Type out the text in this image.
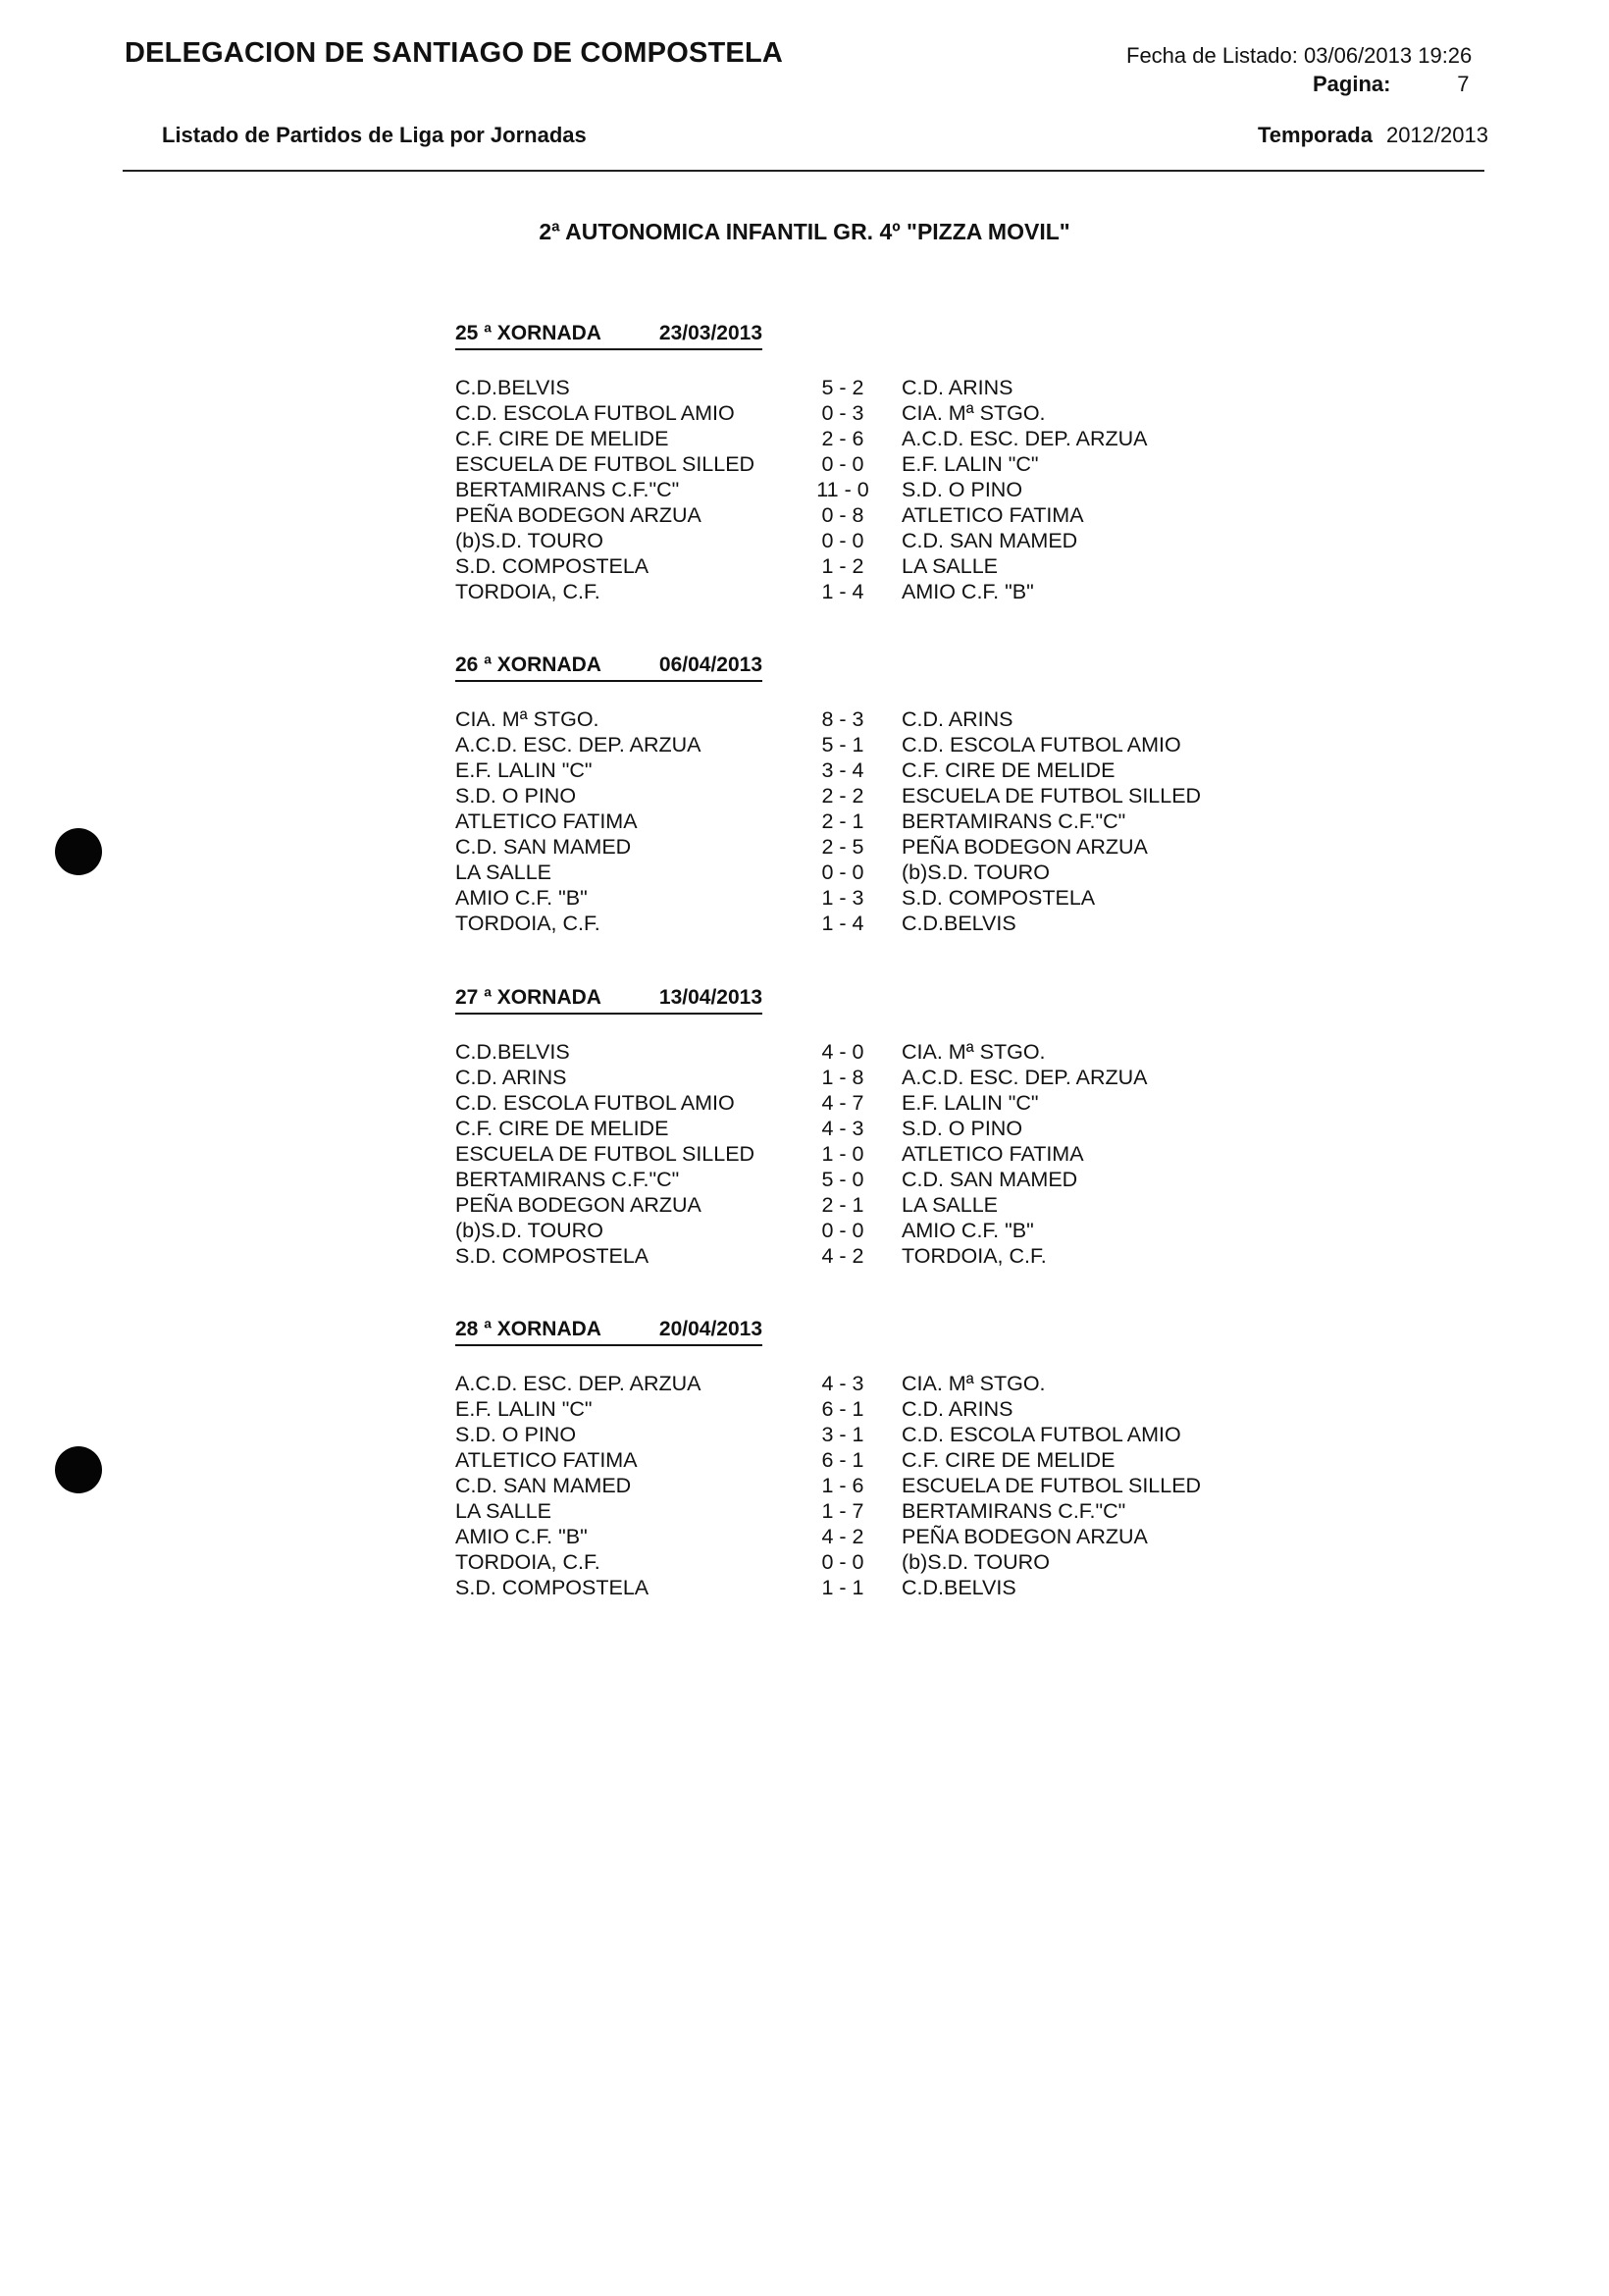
DELEGACION DE SANTIAGO DE COMPOSTELA	Fecha de Listado: 03/06/2013 19:26
Pagina:	7
Listado de Partidos de Liga por Jornadas	Temporada 2012/2013
2ª AUTONOMICA INFANTIL GR. 4º "PIZZA MOVIL"
25 ª XORNADA	23/03/2013
C.D.BELVIS	5 - 2	C.D. ARINS
C.D. ESCOLA FUTBOL AMIO	0 - 3	CIA. Mª STGO.
C.F. CIRE DE MELIDE	2 - 6	A.C.D. ESC. DEP. ARZUA
ESCUELA DE FUTBOL SILLED	0 - 0	E.F. LALIN "C"
BERTAMIRANS C.F."C"	11 - 0	S.D. O PINO
PEÑA BODEGON ARZUA	0 - 8	ATLETICO FATIMA
(b)S.D. TOURO	0 - 0	C.D. SAN MAMED
S.D. COMPOSTELA	1 - 2	LA SALLE
TORDOIA, C.F.	1 - 4	AMIO C.F. "B"
26 ª XORNADA	06/04/2013
CIA. Mª STGO.	8 - 3	C.D. ARINS
A.C.D. ESC. DEP. ARZUA	5 - 1	C.D. ESCOLA FUTBOL AMIO
E.F. LALIN "C"	3 - 4	C.F. CIRE DE MELIDE
S.D. O PINO	2 - 2	ESCUELA DE FUTBOL SILLED
ATLETICO FATIMA	2 - 1	BERTAMIRANS C.F."C"
C.D. SAN MAMED	2 - 5	PEÑA BODEGON ARZUA
LA SALLE	0 - 0	(b)S.D. TOURO
AMIO C.F. "B"	1 - 3	S.D. COMPOSTELA
TORDOIA, C.F.	1 - 4	C.D.BELVIS
27 ª XORNADA	13/04/2013
C.D.BELVIS	4 - 0	CIA. Mª STGO.
C.D. ARINS	1 - 8	A.C.D. ESC. DEP. ARZUA
C.D. ESCOLA FUTBOL AMIO	4 - 7	E.F. LALIN "C"
C.F. CIRE DE MELIDE	4 - 3	S.D. O PINO
ESCUELA DE FUTBOL SILLED	1 - 0	ATLETICO FATIMA
BERTAMIRANS C.F."C"	5 - 0	C.D. SAN MAMED
PEÑA BODEGON ARZUA	2 - 1	LA SALLE
(b)S.D. TOURO	0 - 0	AMIO C.F. "B"
S.D. COMPOSTELA	4 - 2	TORDOIA, C.F.
28 ª XORNADA	20/04/2013
A.C.D. ESC. DEP. ARZUA	4 - 3	CIA. Mª STGO.
E.F. LALIN "C"	6 - 1	C.D. ARINS
S.D. O PINO	3 - 1	C.D. ESCOLA FUTBOL AMIO
ATLETICO FATIMA	6 - 1	C.F. CIRE DE MELIDE
C.D. SAN MAMED	1 - 6	ESCUELA DE FUTBOL SILLED
LA SALLE	1 - 7	BERTAMIRANS C.F."C"
AMIO C.F. "B"	4 - 2	PEÑA BODEGON ARZUA
TORDOIA, C.F.	0 - 0	(b)S.D. TOURO
S.D. COMPOSTELA	1 - 1	C.D.BELVIS
